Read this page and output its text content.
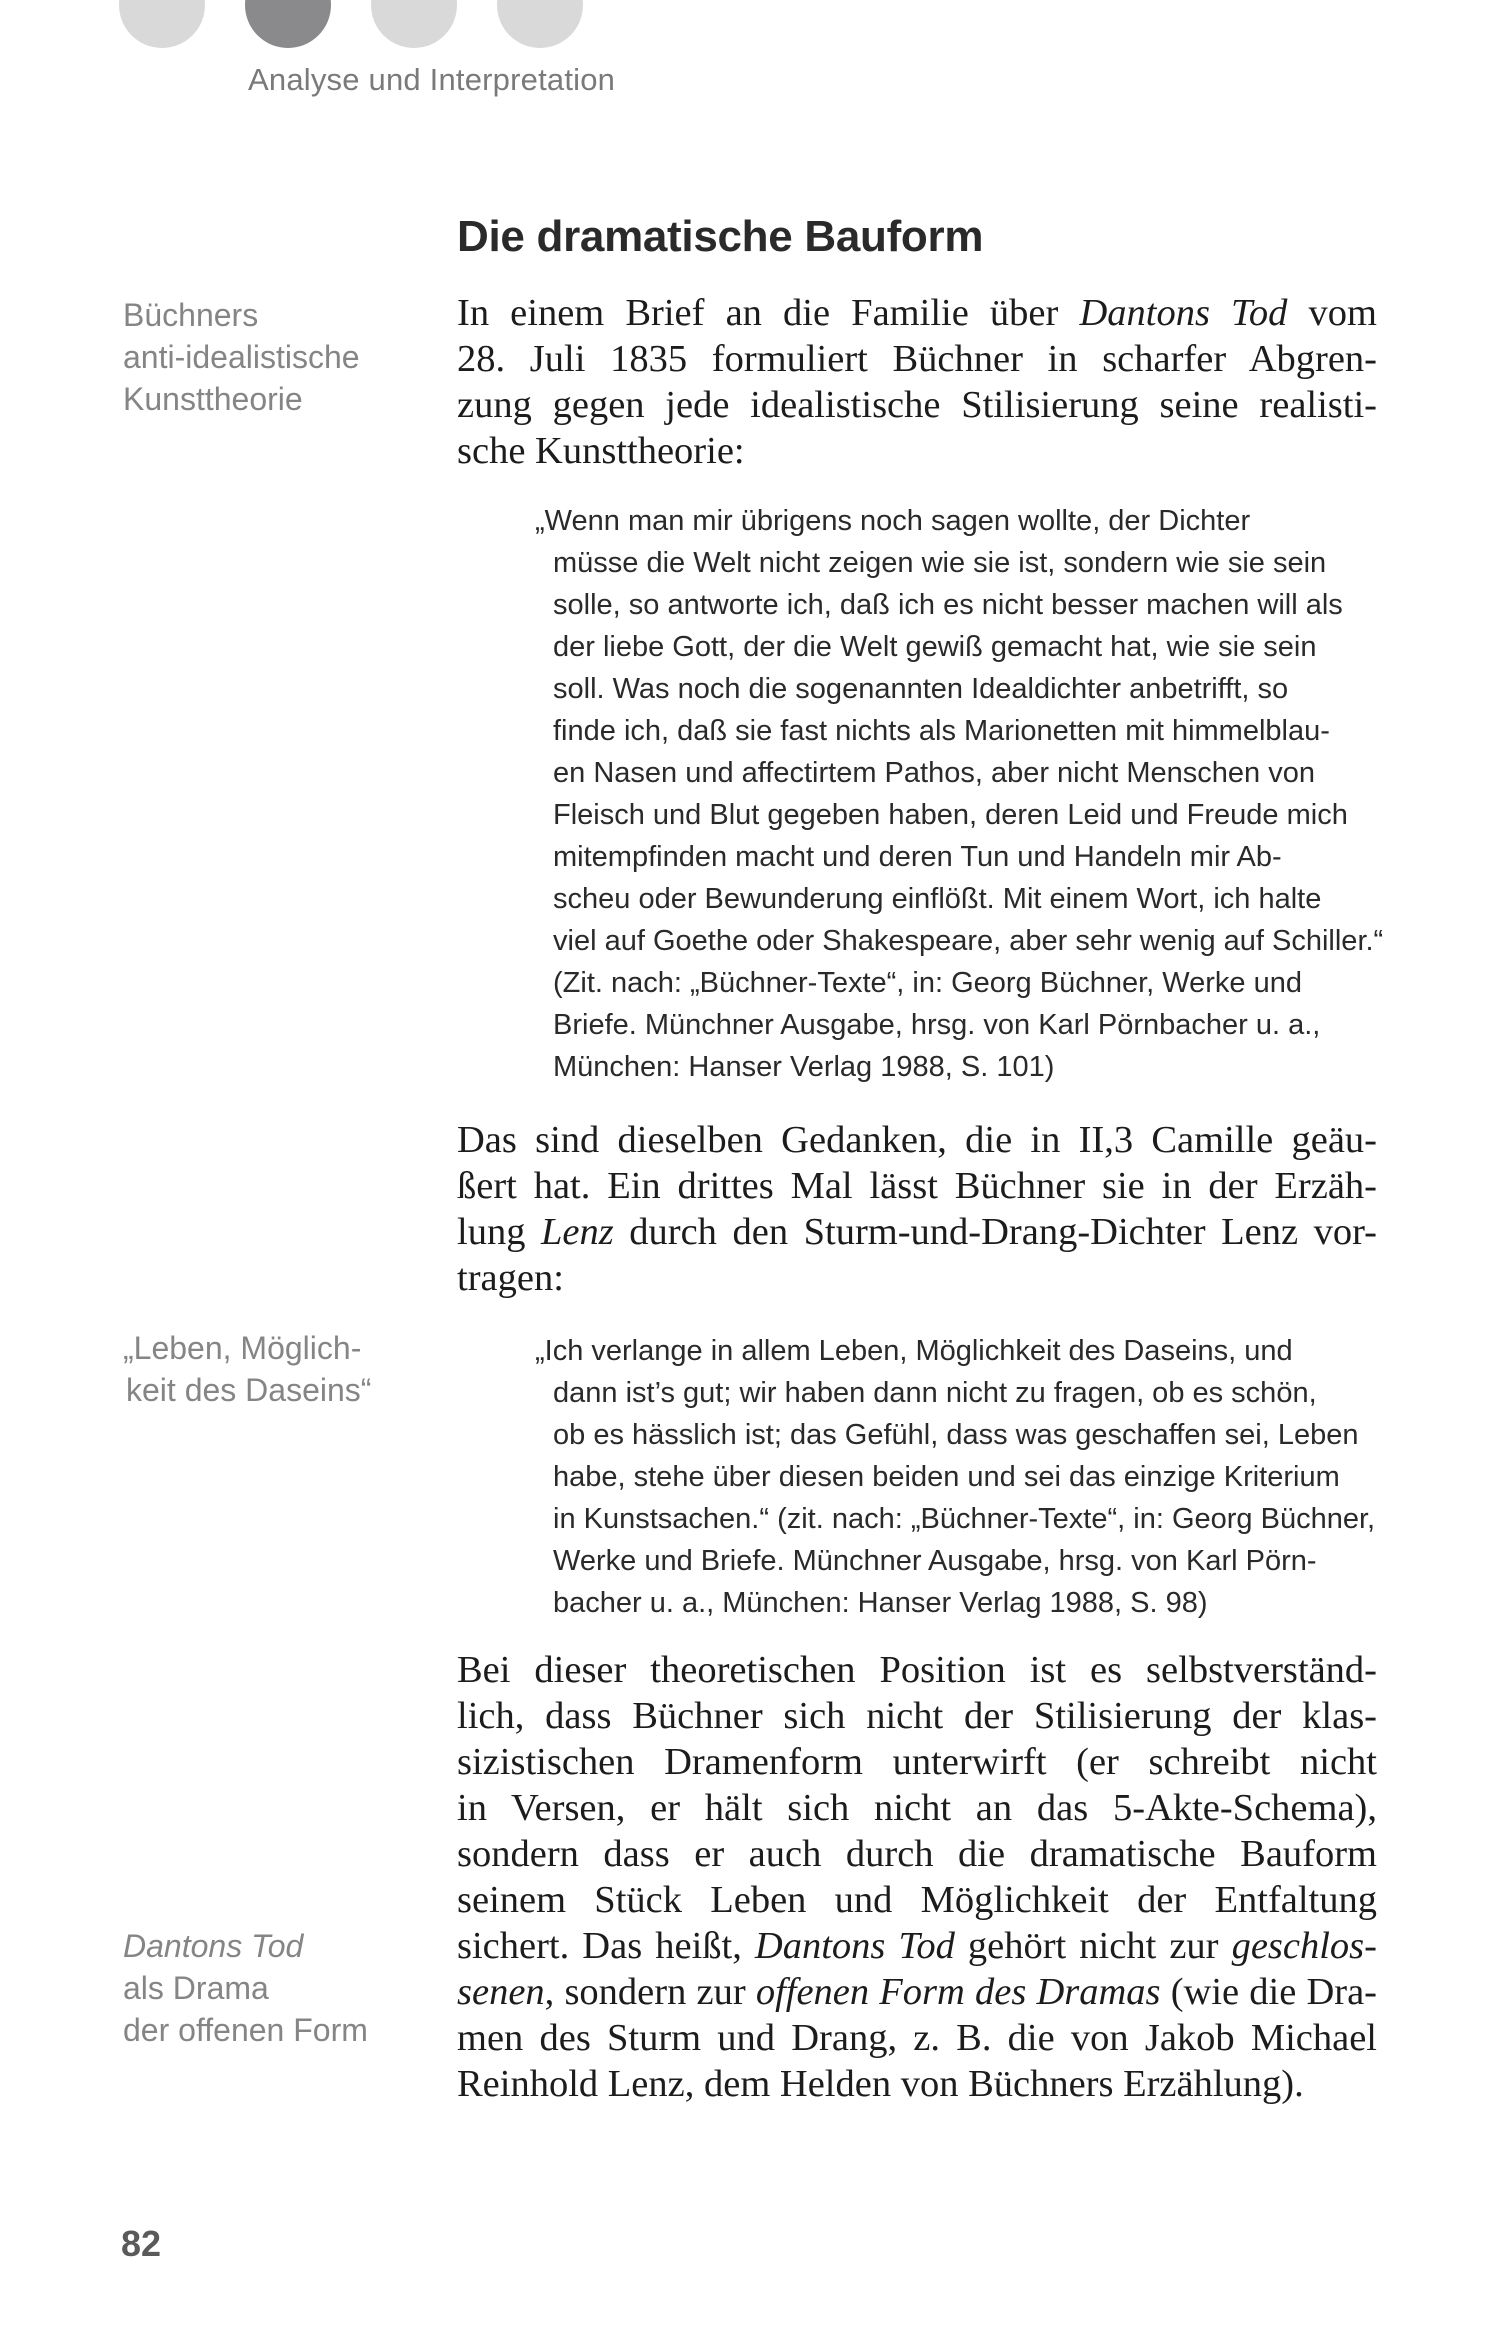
Analyse und Interpretation
Die dramatische Bauform

Büchners
anti-idealistische
Kunsttheorie

In einem Brief an die Familie über Dantons Tod vom
28. Juli 1835 formuliert Büchner in scharfer Abgren-
zung gegen jede idealistische Stilisierung seine realisti-
sche Kunsttheorie:

„Wenn man mir übrigens noch sagen wollte, der Dichter
müsse die Welt nicht zeigen wie sie ist, sondern wie sie sein
solle, so antworte ich, daß ich es nicht besser machen will als
der liebe Gott, der die Welt gewiß gemacht hat, wie sie sein
soll. Was noch die sogenannten Idealdichter anbetrifft, so
finde ich, daß sie fast nichts als Marionetten mit himmelblau-
en Nasen und affectirtem Pathos, aber nicht Menschen von
Fleisch und Blut gegeben haben, deren Leid und Freude mich
mitempfinden macht und deren Tun und Handeln mir Ab-
scheu oder Bewunderung einflößt. Mit einem Wort, ich halte
viel auf Goethe oder Shakespeare, aber sehr wenig auf Schiller.“
(Zit. nach: „Büchner-Texte“, in: Georg Büchner, Werke und
Briefe. Münchner Ausgabe, hrsg. von Karl Pörnbacher u. a.,
München: Hanser Verlag 1988, S. 101)

Das sind dieselben Gedanken, die in II,3 Camille geäu-
ßert hat. Ein drittes Mal lässt Büchner sie in der Erzäh-
lung Lenz durch den Sturm-und-Drang-Dichter Lenz vor-
tragen:

„Leben, Möglich-
keit des Daseins“

„Ich verlange in allem Leben, Möglichkeit des Daseins, und
dann ist’s gut; wir haben dann nicht zu fragen, ob es schön,
ob es hässlich ist; das Gefühl, dass was geschaffen sei, Leben
habe, stehe über diesen beiden und sei das einzige Kriterium
in Kunstsachen.“ (zit. nach: „Büchner-Texte“, in: Georg Büchner,
Werke und Briefe. Münchner Ausgabe, hrsg. von Karl Pörn-
bacher u. a., München: Hanser Verlag 1988, S. 98)

Bei dieser theoretischen Position ist es selbstverständ-
lich, dass Büchner sich nicht der Stilisierung der klas-
sizistischen Dramenform unterwirft (er schreibt nicht
in Versen, er hält sich nicht an das 5-Akte-Schema),
sondern dass er auch durch die dramatische Bauform
seinem Stück Leben und Möglichkeit der Entfaltung
sichert. Das heißt, Dantons Tod gehört nicht zur geschlos-
senen, sondern zur offenen Form des Dramas (wie die Dra-
men des Sturm und Drang, z. B. die von Jakob Michael
Reinhold Lenz, dem Helden von Büchners Erzählung).

Dantons Tod
als Drama
der offenen Form

82
